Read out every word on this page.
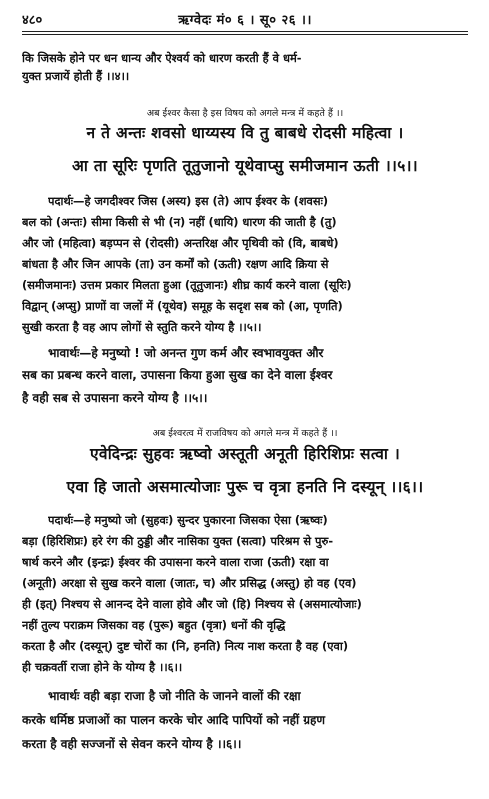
४८०	ऋग्वेदः मं० ६ । सू० २६ ।।
कि जिसके होने पर धन धान्य और ऐश्वर्य को धारण करती हैं वे धर्म-
युक्त प्रजायें होती हैं ।।४।।
अब ईश्वर कैसा है इस विषय को अगले मन्त्र में कहते हैं ।।
न ते अन्तः शवसो धाय्यस्य वि तु बाबधे रोदसी महित्वा ।
आ ता सूरिः पृणति तूतुजानो यूथेवाप्सु समीजमान ऊती ।।५।।
पदार्थः—हे जगदीश्वर जिस (अस्य) इस (ते) आप ईश्वर के (शवसः)
बल को (अन्तः) सीमा किसी से भी (न) नहीं (धायि) धारण की जाती है (तु)
और जो (महित्वा) बड़प्पन से (रोदसी) अन्तरिक्ष और पृथिवी को (वि, बाबधे)
बांधता है और जिन आपके (ता) उन कर्मों को (ऊती) रक्षण आदि क्रिया से
(समीजमानः) उत्तम प्रकार मिलता हुआ (तूतुजानः) शीघ्र कार्य करने वाला (सूरिः)
विद्वान् (अप्सु) प्राणों वा जलों में (यूथेव) समूह के सदृश सब को (आ, पृणति)
सुखी करता है वह आप लोगों से स्तुति करने योग्य है ।।५।।
भावार्थः—हे मनुष्यो ! जो अनन्त गुण कर्म और स्वभावयुक्त और
सब का प्रबन्ध करने वाला, उपासना किया हुआ सुख का देने वाला ईश्वर
है वही सब से उपासना करने योग्य है ।।५।।
अब ईश्वरत्व में राजविषय को अगले मन्त्र में कहते हैं ।।
एवेदिन्द्रः सुहवः ऋष्वो अस्तूती अनूती हिरिशिप्रः सत्वा ।
एवा हि जातो असमात्योजाः पुरू च वृत्रा हनति नि दस्यून् ।।६।।
पदार्थः—हे मनुष्यो जो (सुहवः) सुन्दर पुकारना जिसका ऐसा (ऋष्वः)
बड़ा (हिरिशिप्रः) हरे रंग की ठुड्डी और नासिका युक्त (सत्वा) परिश्रम से पुरु-
षार्थ करने और (इन्द्रः) ईश्वर की उपासना करने वाला राजा (ऊती) रक्षा वा
(अनूती) अरक्षा से सुख करने वाला (जातः, च) और प्रसिद्ध (अस्तु) हो वह (एव)
ही (इत्) निश्चय से आनन्द देने वाला होवे और जो (हि) निश्चय से (असमात्योजाः)
नहीं तुल्य पराक्रम जिसका वह (पुरू) बहुत (वृत्रा) धनों की वृद्धि
करता है और (दस्यून्) दुष्ट चोरों का (नि, हनति) नित्य नाश करता है वह (एवा)
ही चक्रवर्ती राजा होने के योग्य है ।।६।।
भावार्थः वही बड़ा राजा है जो नीति के जानने वालों की रक्षा
करके धर्मिष्ठ प्रजाओं का पालन करके चोर आदि पापियों को नहीं ग्रहण
करता है वही सज्जनों से सेवन करने योग्य है ।।६।।
